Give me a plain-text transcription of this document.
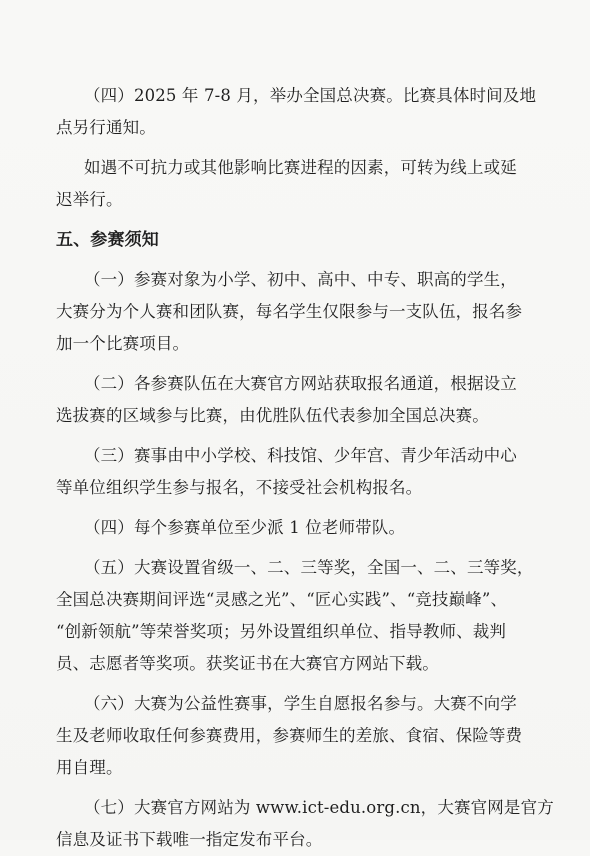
（四）2025 年 7-8 月，举办全国总决赛。比赛具体时间及地
点另行通知。

如遇不可抗力或其他影响比赛进程的因素，可转为线上或延
迟举行。

五、参赛须知

（一）参赛对象为小学、初中、高中、中专、职高的学生，
大赛分为个人赛和团队赛，每名学生仅限参与一支队伍，报名参
加一个比赛项目。

（二）各参赛队伍在大赛官方网站获取报名通道，根据设立
选拔赛的区域参与比赛，由优胜队伍代表参加全国总决赛。

（三）赛事由中小学校、科技馆、少年宫、青少年活动中心
等单位组织学生参与报名，不接受社会机构报名。

（四）每个参赛单位至少派 1 位老师带队。

（五）大赛设置省级一、二、三等奖，全国一、二、三等奖，
全国总决赛期间评选“灵感之光”、“匠心实践”、“竞技巅峰”、
“创新领航”等荣誉奖项；另外设置组织单位、指导教师、裁判
员、志愿者等奖项。获奖证书在大赛官方网站下载。

（六）大赛为公益性赛事，学生自愿报名参与。大赛不向学
生及老师收取任何参赛费用，参赛师生的差旅、食宿、保险等费
用自理。

（七）大赛官方网站为 www.ict-edu.org.cn，大赛官网是官方
信息及证书下载唯一指定发布平台。
